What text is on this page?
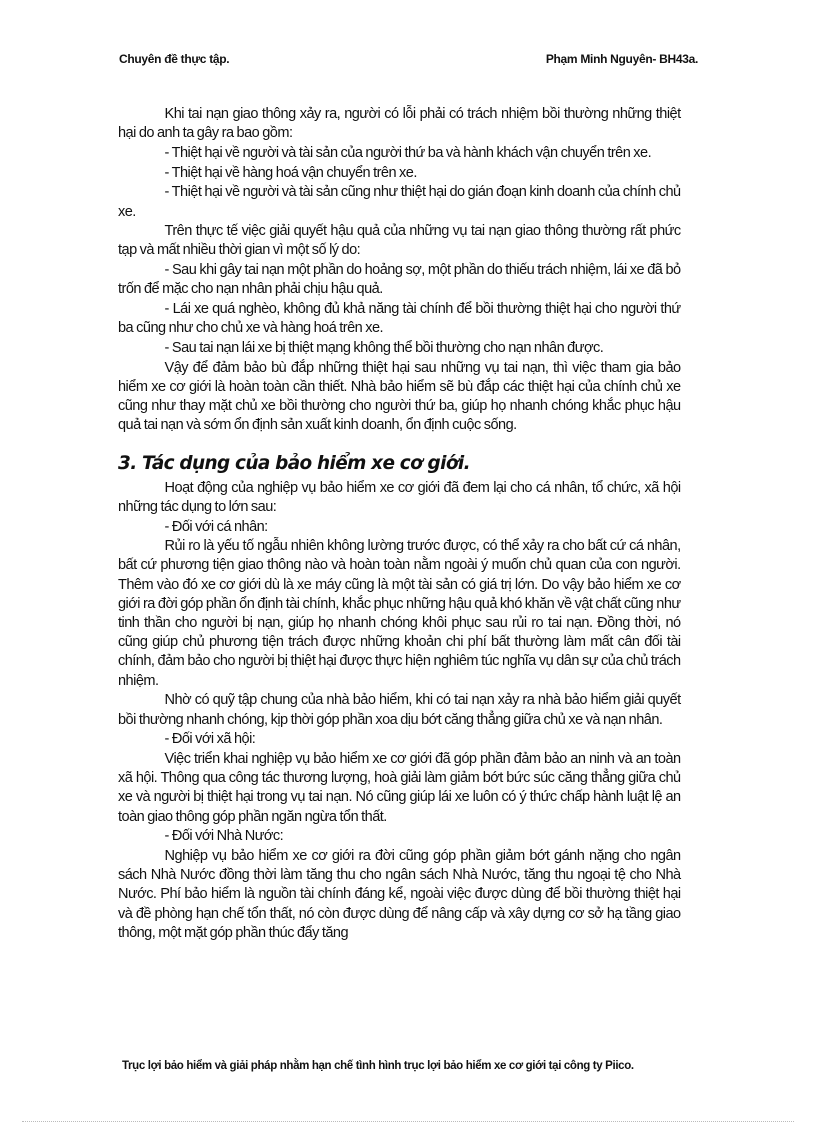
Chuyên đề thực tập.	Phạm Minh Nguyên- BH43a.

Khi tai nạn giao thông xảy ra, người có lỗi phải có trách nhiệm bồi thường những thiệt hại do anh ta gây ra bao gồm:

- Thiệt hại về người và tài sản của người thứ ba và hành khách vận chuyển trên xe.

- Thiệt hại về hàng hoá vận chuyển trên xe.

- Thiệt hại về người và tài sản cũng như thiệt hại do gián đoạn kinh doanh của chính chủ xe.

Trên thực tế việc giải quyết hậu quả của những vụ tai nạn giao thông thường rất phức tạp và mất nhiều thời gian vì một số lý do:

- Sau khi gây tai nạn một phần do hoảng sợ, một phần do thiếu trách nhiệm, lái xe đã bỏ trốn để mặc cho nạn nhân phải chịu hậu quả.

- Lái xe quá nghèo, không đủ khả năng tài chính để bồi thường thiệt hại cho người thứ ba cũng như cho chủ xe và hàng hoá trên xe.

- Sau tai nạn lái xe bị thiệt mạng không thể bồi thường cho nạn nhân được.

Vậy để đảm bảo bù đắp những thiệt hại sau những vụ tai nạn, thì việc tham gia bảo hiểm xe cơ giới là hoàn toàn cần thiết. Nhà bảo hiểm sẽ bù đắp các thiệt hại của chính chủ xe cũng như thay mặt chủ xe bồi thường cho người thứ ba, giúp họ nhanh chóng khắc phục hậu quả tai nạn và sớm ổn định sản xuất kinh doanh, ổn định cuộc sống.

3. Tác dụng của bảo hiểm xe cơ giới.

Hoạt động của nghiệp vụ bảo hiểm xe cơ giới đã đem lại cho cá nhân, tổ chức, xã hội những tác dụng to lớn sau:

- Đối với cá nhân:

Rủi ro là yếu tố ngẫu nhiên không lường trước được, có thể xảy ra cho bất cứ cá nhân, bất cứ phương tiện giao thông nào và hoàn toàn nằm ngoài ý muốn chủ quan của con người. Thêm vào đó xe cơ giới dù là xe máy cũng là một tài sản có giá trị lớn. Do vậy bảo hiểm xe cơ giới ra đời góp phần ổn định tài chính, khắc phục những hậu quả khó khăn về vật chất cũng như tinh thần cho người bị nạn, giúp họ nhanh chóng khôi phục sau rủi ro tai nạn. Đồng thời, nó cũng giúp chủ phương tiện trách được những khoản chi phí bất thường làm mất cân đối tài chính, đảm bảo cho người bị thiệt hại được thực hiện nghiêm túc nghĩa vụ dân sự của chủ trách nhiệm.

Nhờ có quỹ tập chung của nhà bảo hiểm, khi có tai nạn xảy ra nhà bảo hiểm giải quyết bồi thường nhanh chóng, kịp thời góp phần xoa dịu bớt căng thẳng giữa chủ xe và nạn nhân.

- Đối với xã hội:

Việc triển khai nghiệp vụ bảo hiểm xe cơ giới đã góp phần đảm bảo an ninh và an toàn xã hội. Thông qua công tác thương lượng, hoà giải làm giảm bớt bức súc căng thẳng giữa chủ xe và người bị thiệt hại trong vụ tai nạn. Nó cũng giúp lái xe luôn có ý thức chấp hành luật lệ an toàn giao thông góp phần ngăn ngừa tổn thất.

- Đối với Nhà Nước:

Nghiệp vụ bảo hiểm xe cơ giới ra đời cũng góp phần giảm bớt gánh nặng cho ngân sách Nhà Nước đồng thời làm tăng thu cho ngân sách Nhà Nước, tăng thu ngoại tệ cho Nhà Nước. Phí bảo hiểm là nguồn tài chính đáng kể, ngoài việc được dùng để bồi thường thiệt hại và đề phòng hạn chế tổn thất, nó còn được dùng để nâng cấp và xây dựng cơ sở hạ tầng giao thông, một mặt góp phần thúc đẩy tăng

Trục lợi bảo hiểm và giải pháp nhằm hạn chế tình hình trục lợi bảo hiểm xe cơ giới tại công ty Piico.
